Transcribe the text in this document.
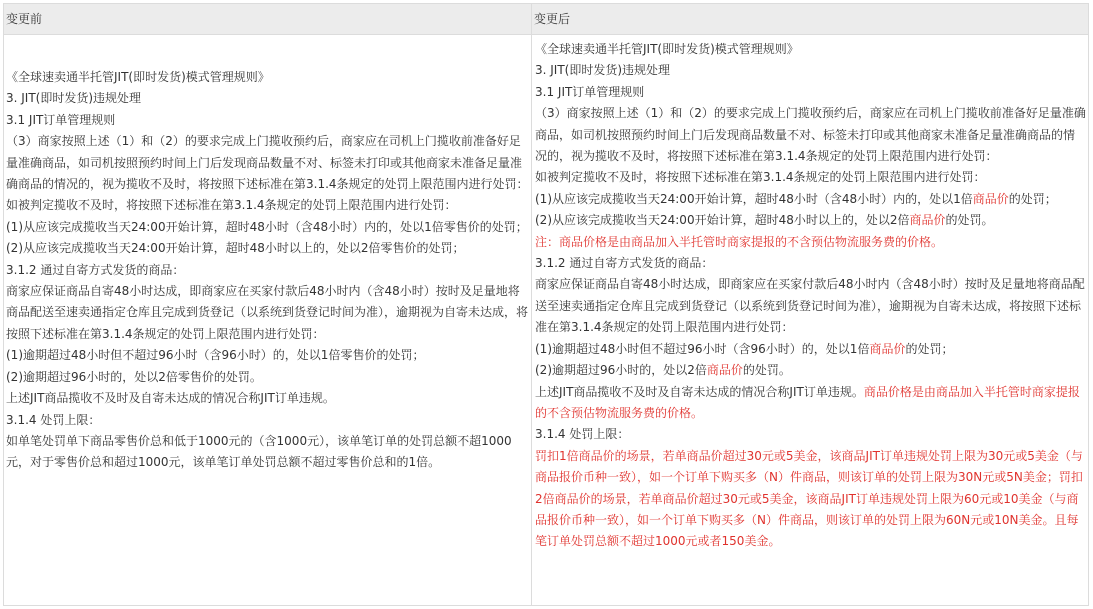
变更前	变更后

《全球速卖通半托管JIT(即时发货)模式管理规则》

3. JIT(即时发货)违规处理

3.1 JIT订单管理规则

（3）商家按照上述（1）和（2）的要求完成上门揽收预约后，商家应在司机上门揽收前准备好足量准确商品，如司机按照预约时间上门后发现商品数量不对、标签未打印或其他商家未准备足量准确商品的情况的，视为揽收不及时，将按照下述标准在第3.1.4条规定的处罚上限范围内进行处罚：

如被判定揽收不及时，将按照下述标准在第3.1.4条规定的处罚上限范围内进行处罚：

(1)从应该完成揽收当天24:00开始计算，超时48小时（含48小时）内的，处以1倍零售价的处罚；

(2)从应该完成揽收当天24:00开始计算，超时48小时以上的，处以2倍零售价的处罚；

3.1.2 通过自寄方式发货的商品：

商家应保证商品自寄48小时达成，即商家应在买家付款后48小时内（含48小时）按时及足量地将商品配送至速卖通指定仓库且完成到货登记（以系统到货登记时间为准），逾期视为自寄未达成，将按照下述标准在第3.1.4条规定的处罚上限范围内进行处罚：

(1)逾期超过48小时但不超过96小时（含96小时）的，处以1倍零售价的处罚；

(2)逾期超过96小时的，处以2倍零售价的处罚。

上述JIT商品揽收不及时及自寄未达成的情况合称JIT订单违规。

3.1.4 处罚上限：

如单笔处罚单下商品零售价总和低于1000元的（含1000元），该单笔订单的处罚总额不超1000元，对于零售价总和超过1000元，该单笔订单处罚总额不超过零售价总和的1倍。

《全球速卖通半托管JIT(即时发货)模式管理规则》

3. JIT(即时发货)违规处理

3.1 JIT订单管理规则

（3）商家按照上述（1）和（2）的要求完成上门揽收预约后，商家应在司机上门揽收前准备好足量准确商品，如司机按照预约时间上门后发现商品数量不对、标签未打印或其他商家未准备足量准确商品的情况的，视为揽收不及时，将按照下述标准在第3.1.4条规定的处罚上限范围内进行处罚：

如被判定揽收不及时，将按照下述标准在第3.1.4条规定的处罚上限范围内进行处罚：

(1)从应该完成揽收当天24:00开始计算，超时48小时（含48小时）内的，处以1倍商品价的处罚；

(2)从应该完成揽收当天24:00开始计算，超时48小时以上的，处以2倍商品价的处罚。

注：商品价格是由商品加入半托管时商家提报的不含预估物流服务费的价格。

3.1.2 通过自寄方式发货的商品：

商家应保证商品自寄48小时达成，即商家应在买家付款后48小时内（含48小时）按时及足量地将商品配送至速卖通指定仓库且完成到货登记（以系统到货登记时间为准），逾期视为自寄未达成，将按照下述标准在第3.1.4条规定的处罚上限范围内进行处罚：

(1)逾期超过48小时但不超过96小时（含96小时）的，处以1倍商品价的处罚；

(2)逾期超过96小时的，处以2倍商品价的处罚。

上述JIT商品揽收不及时及自寄未达成的情况合称JIT订单违规。商品价格是由商品加入半托管时商家提报的不含预估物流服务费的价格。

3.1.4 处罚上限：

罚扣1倍商品价的场景，若单商品价超过30元或5美金，该商品JIT订单违规处罚上限为30元或5美金（与商品报价币种一致），如一个订单下购买多（N）件商品，则该订单的处罚上限为30N元或5N美金；罚扣2倍商品价的场景，若单商品价超过30元或5美金，该商品JIT订单违规处罚上限为60元或10美金（与商品报价币种一致），如一个订单下购买多（N）件商品，则该订单的处罚上限为60N元或10N美金。且每笔订单处罚总额不超过1000元或者150美金。
